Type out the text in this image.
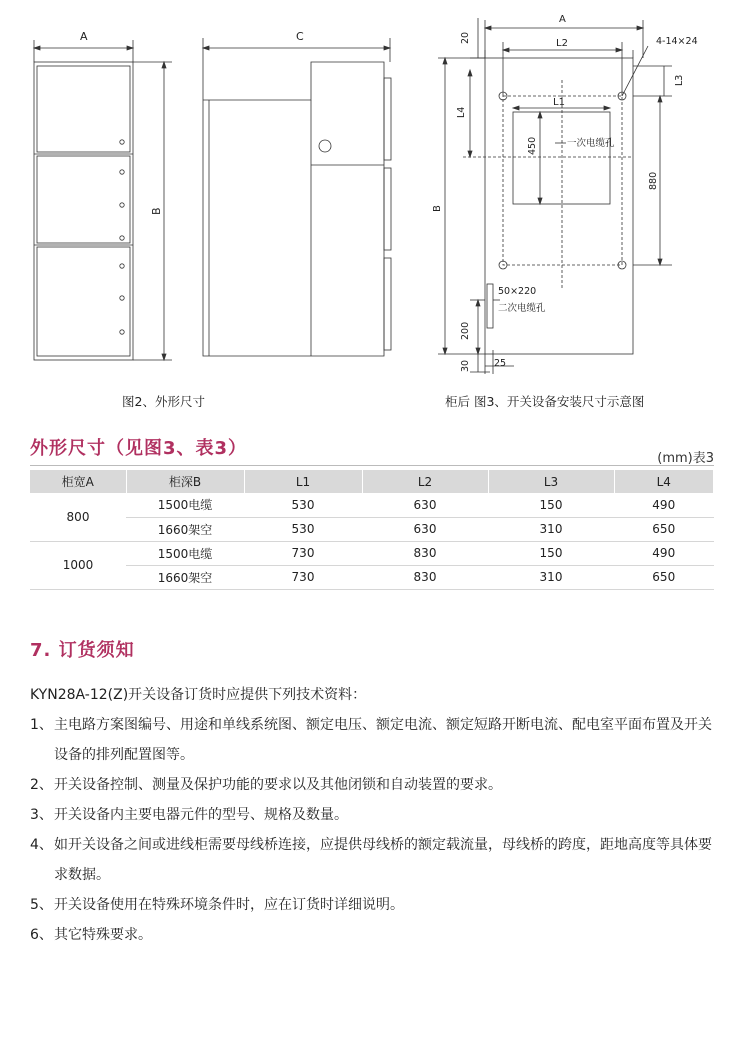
A	C
B
A
L2	4-14×24
L1
一次电缆孔
50×220
二次电缆孔
25
20
L4
B
450
L3
880
200
30
图2、外形尺寸	柜后 图3、开关设备安装尺寸示意图
外形尺寸（见图3、表3）	(mm)表3
柜宽A	柜深B	L1	L2	L3	L4
800	1500电缆	530	630	150	490
	1660架空	530	630	310	650
1000	1500电缆	730	830	150	490
	1660架空	730	830	310	650
7. 订货须知
KYN28A-12(Z)开关设备订货时应提供下列技术资料：
1、 主电路方案图编号、用途和单线系统图、额定电压、额定电流、额定短路开断电流、配电室平面布置及开关设备的排列配置图等。
2、 开关设备控制、测量及保护功能的要求以及其他闭锁和自动装置的要求。
3、 开关设备内主要电器元件的型号、规格及数量。
4、 如开关设备之间或进线柜需要母线桥连接，应提供母线桥的额定载流量，母线桥的跨度，距地高度等具体要求数据。
5、 开关设备使用在特殊环境条件时，应在订货时详细说明。
6、 其它特殊要求。
